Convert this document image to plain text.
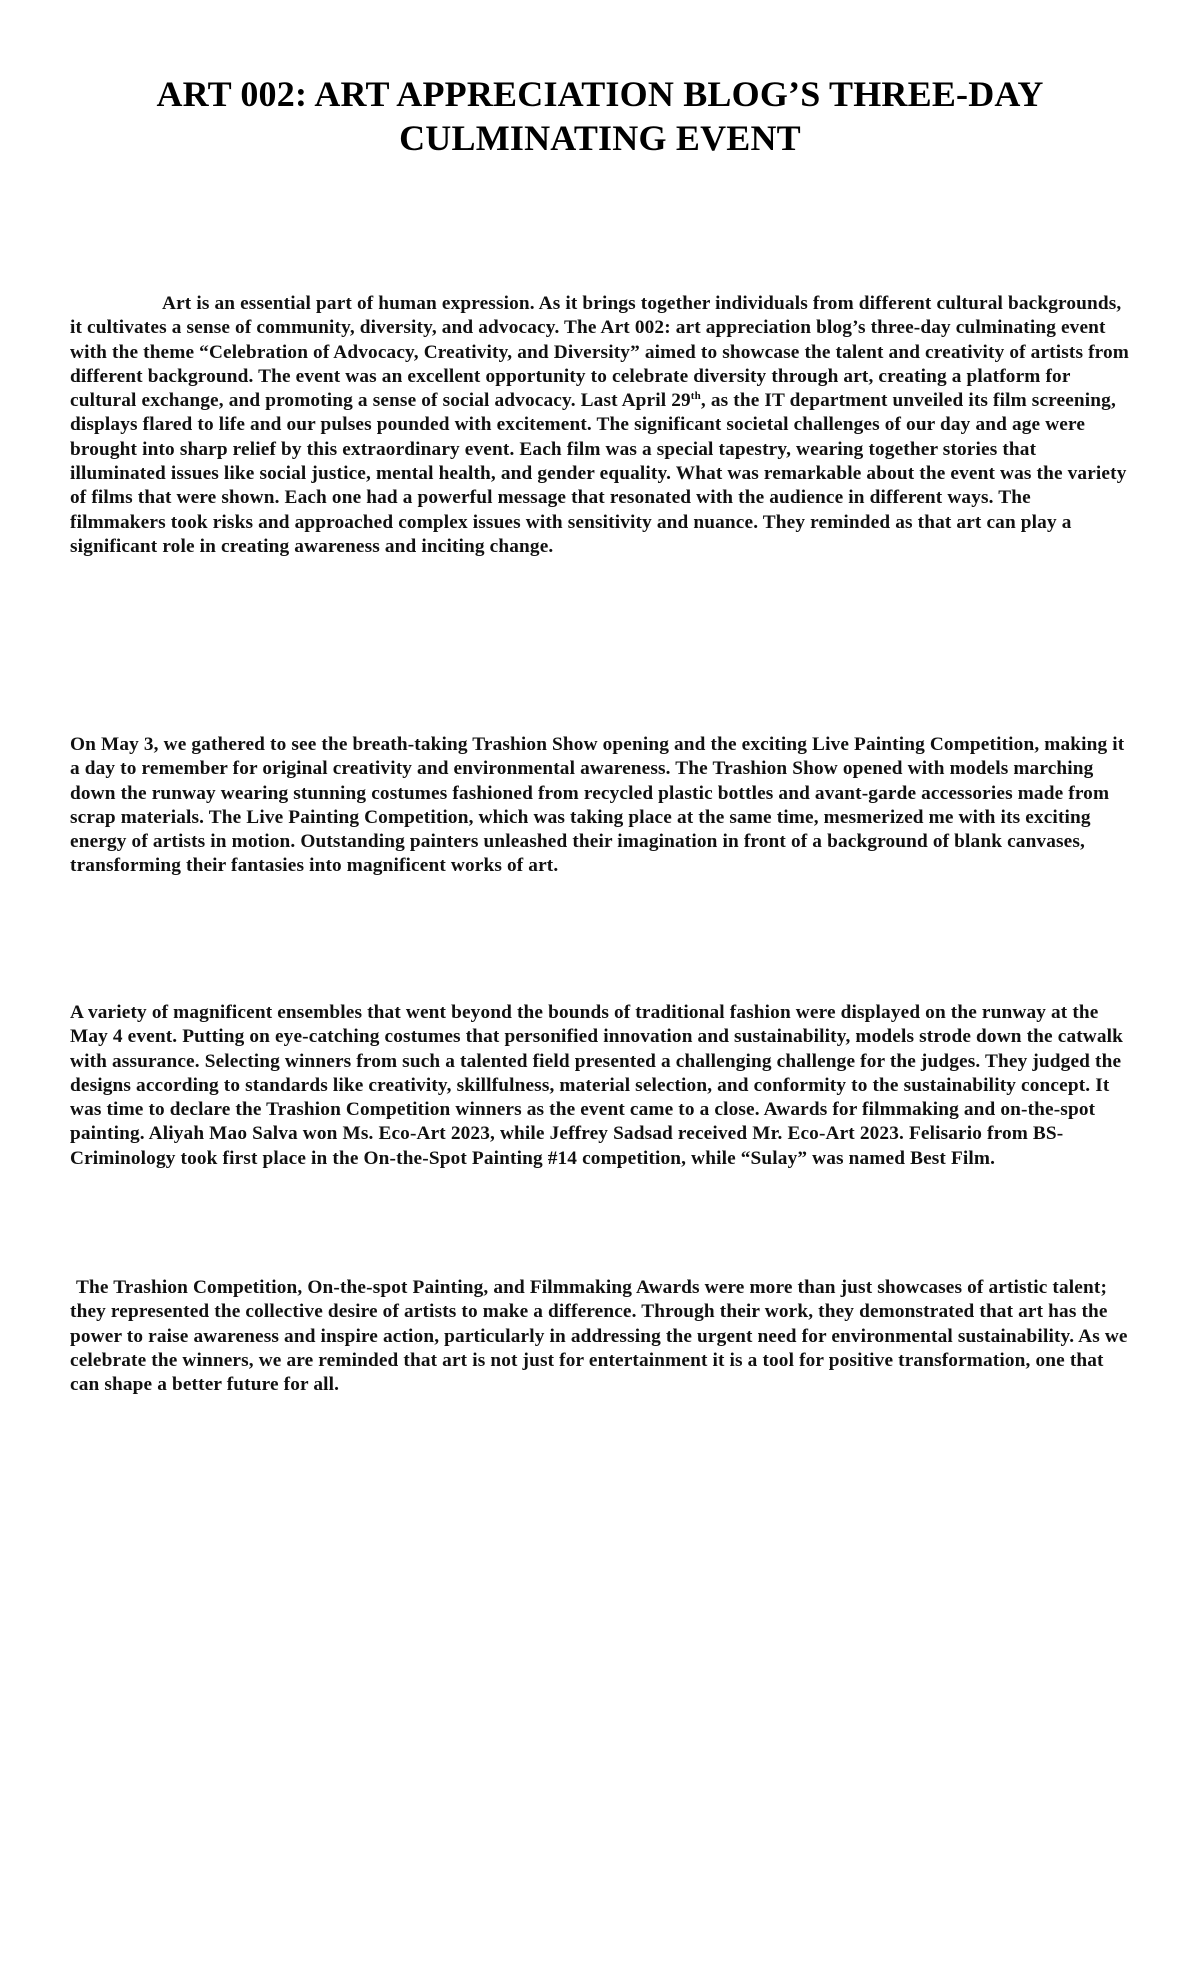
ART 002: ART APPRECIATION BLOG’S THREE-DAY CULMINATING EVENT

Art is an essential part of human expression. As it brings together individuals from different cultural backgrounds, it cultivates a sense of community, diversity, and advocacy. The Art 002: art appreciation blog’s three-day culminating event with the theme “Celebration of Advocacy, Creativity, and Diversity” aimed to showcase the talent and creativity of artists from different background. The event was an excellent opportunity to celebrate diversity through art, creating a platform for cultural exchange, and promoting a sense of social advocacy. Last April 29th, as the IT department unveiled its film screening, displays flared to life and our pulses pounded with excitement. The significant societal challenges of our day and age were brought into sharp relief by this extraordinary event. Each film was a special tapestry, wearing together stories that illuminated issues like social justice, mental health, and gender equality. What was remarkable about the event was the variety of films that were shown. Each one had a powerful message that resonated with the audience in different ways. The filmmakers took risks and approached complex issues with sensitivity and nuance. They reminded as that art can play a significant role in creating awareness and inciting change.

On May 3, we gathered to see the breath-taking Trashion Show opening and the exciting Live Painting Competition, making it a day to remember for original creativity and environmental awareness. The Trashion Show opened with models marching down the runway wearing stunning costumes fashioned from recycled plastic bottles and avant-garde accessories made from scrap materials. The Live Painting Competition, which was taking place at the same time, mesmerized me with its exciting energy of artists in motion. Outstanding painters unleashed their imagination in front of a background of blank canvases, transforming their fantasies into magnificent works of art.

A variety of magnificent ensembles that went beyond the bounds of traditional fashion were displayed on the runway at the May 4 event. Putting on eye-catching costumes that personified innovation and sustainability, models strode down the catwalk with assurance. Selecting winners from such a talented field presented a challenging challenge for the judges. They judged the designs according to standards like creativity, skillfulness, material selection, and conformity to the sustainability concept. It was time to declare the Trashion Competition winners as the event came to a close. Awards for filmmaking and on-the-spot painting. Aliyah Mao Salva won Ms. Eco-Art 2023, while Jeffrey Sadsad received Mr. Eco-Art 2023. Felisario from BS-Criminology took first place in the On-the-Spot Painting #14 competition, while “Sulay” was named Best Film.

The Trashion Competition, On-the-spot Painting, and Filmmaking Awards were more than just showcases of artistic talent; they represented the collective desire of artists to make a difference. Through their work, they demonstrated that art has the power to raise awareness and inspire action, particularly in addressing the urgent need for environmental sustainability. As we celebrate the winners, we are reminded that art is not just for entertainment it is a tool for positive transformation, one that can shape a better future for all.
